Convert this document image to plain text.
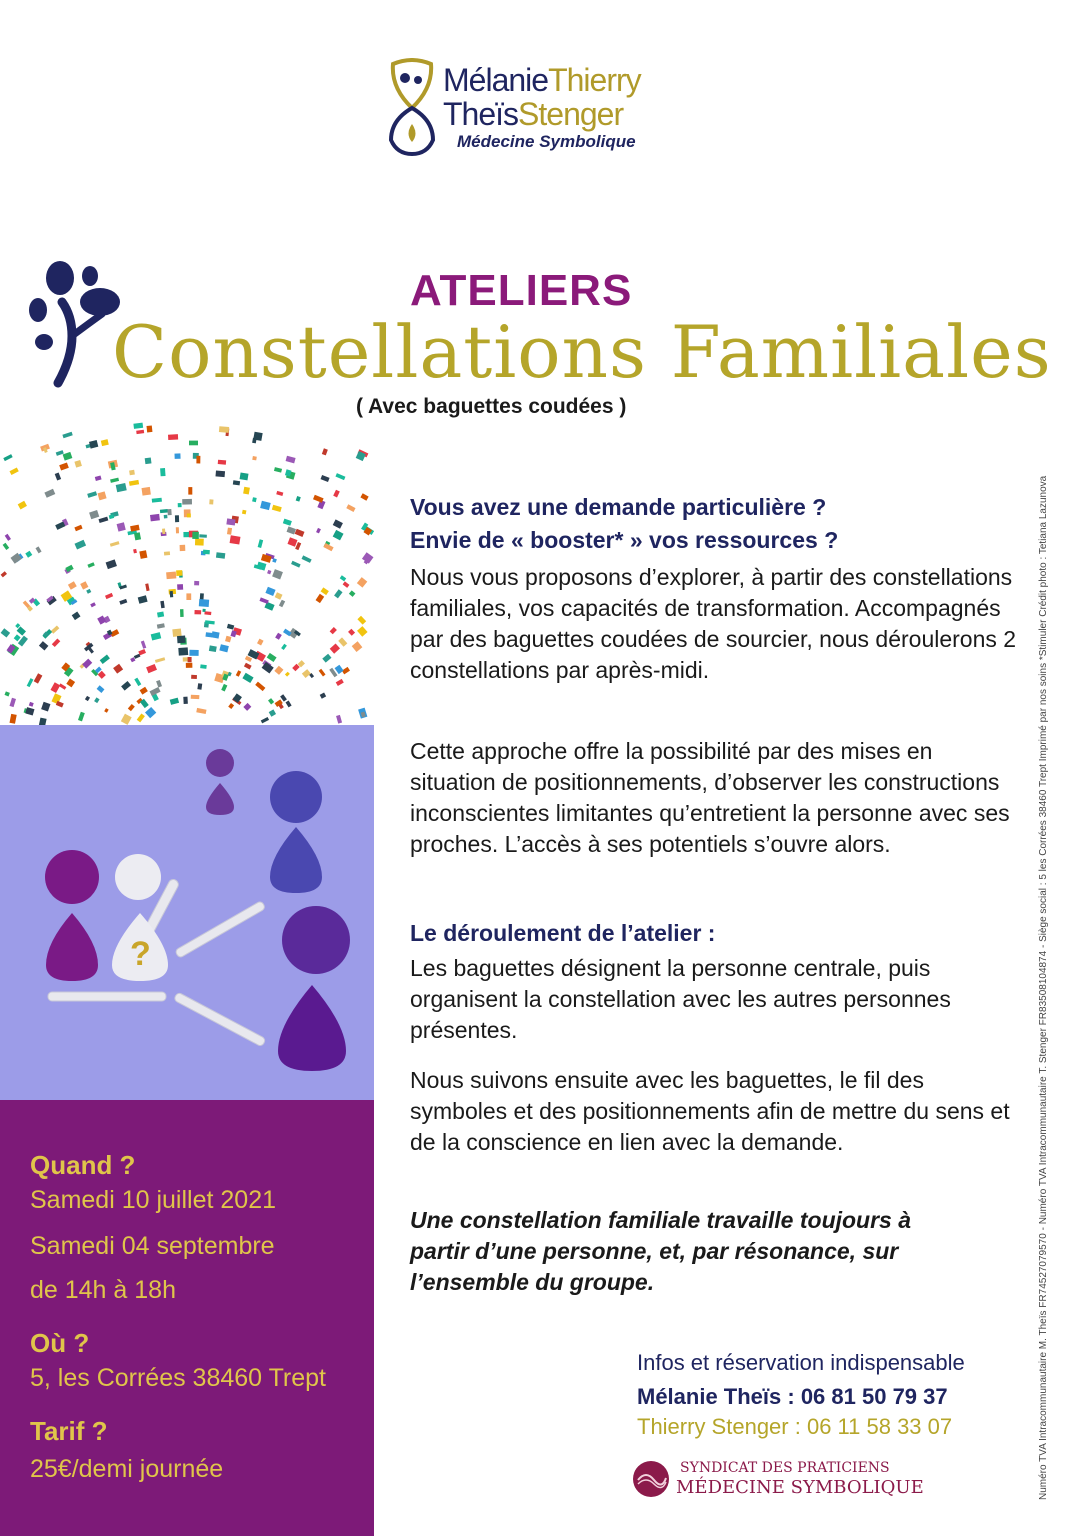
MélanieThierry
TheïsStenger
Médecine Symbolique
ATELIERS
Constellations Familiales
( Avec baguettes coudées )
?
Quand ?
Samedi 10 juillet 2021
Samedi 04 septembre
de 14h à 18h
Où ?
5, les Corrées 38460 Trept
Tarif ?
25€/demi journée
Vous avez une demande particulière ?
Envie de « booster* » vos ressources ?
Nous vous proposons d’explorer, à partir des constellations familiales, vos capacités de transformation. Accompagnés par des baguettes coudées de sourcier, nous déroulerons 2 constellations par après-midi.
Cette approche offre la possibilité par des mises en situation de positionnements, d’observer les constructions inconscientes limitantes qu’entretient la personne avec ses proches. L’accès à ses potentiels s’ouvre alors.
Le déroulement de l’atelier :
Les baguettes désignent la personne centrale, puis organisent la constellation avec les autres personnes présentes.
Nous suivons ensuite avec les baguettes, le fil des symboles et des positionnements afin de mettre du sens et de la conscience en lien avec la demande.
Une constellation familiale travaille toujours à partir d’une personne, et, par résonance, sur l’ensemble du groupe.
Infos et réservation indispensable
Mélanie Theïs : 06 81 50 79 37
Thierry Stenger : 06 11 58 33 07
SYNDICAT DES PRATICIENS
MÉDECINE SYMBOLIQUE	Numéro TVA Intracommunautaire M. Theïs FR74527079570 - Numéro TVA Intracommunautaire T. Stenger FR83508104874 - Siège social : 5 les Corrées 38460 Trept Imprimé par nos soins *Stimuler Crédit photo : Tetiana Lazunova
